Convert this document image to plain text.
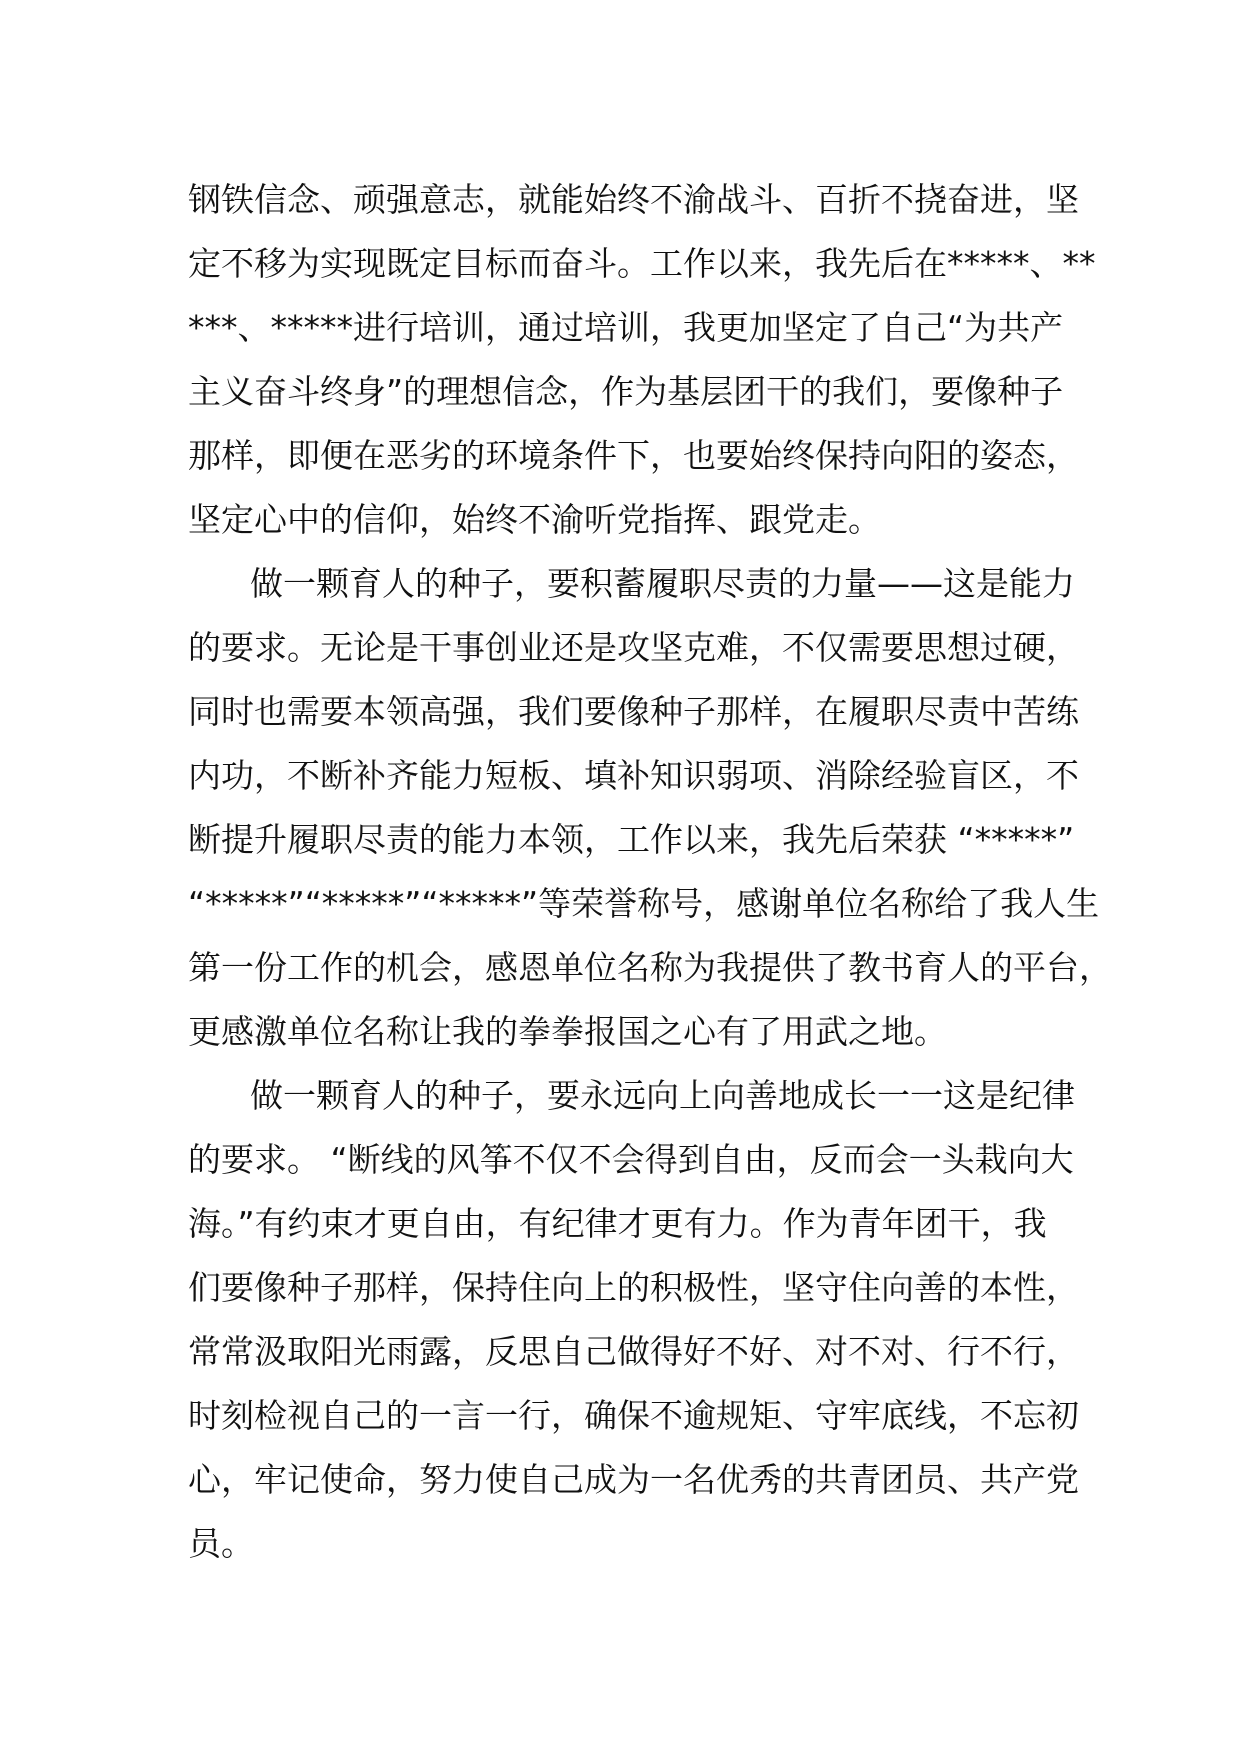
钢铁信念、顽强意志，就能始终不渝战斗、百折不挠奋进，坚
定不移为实现既定目标而奋斗。工作以来，我先后在*****、**
***、*****进行培训，通过培训，我更加坚定了自己“为共产
主义奋斗终身”的理想信念，作为基层团干的我们，要像种子
那样，即便在恶劣的环境条件下，也要始终保持向阳的姿态，
坚定心中的信仰，始终不渝听党指挥、跟党走。
做一颗育人的种子，要积蓄履职尽责的力量——这是能力
的要求。无论是干事创业还是攻坚克难，不仅需要思想过硬，
同时也需要本领高强，我们要像种子那样，在履职尽责中苦练
内功，不断补齐能力短板、填补知识弱项、消除经验盲区，不
断提升履职尽责的能力本领，工作以来，我先后荣获 “*****”
“*****”“*****”“*****”等荣誉称号，感谢单位名称给了我人生
第一份工作的机会，感恩单位名称为我提供了教书育人的平台，
更感激单位名称让我的拳拳报国之心有了用武之地。
做一颗育人的种子，要永远向上向善地成长一一这是纪律
的要求。 “断线的风筝不仅不会得到自由，反而会一头栽向大
海。”有约束才更自由，有纪律才更有力。作为青年团干，我
们要像种子那样，保持住向上的积极性，坚守住向善的本性，
常常汲取阳光雨露，反思自己做得好不好、对不对、行不行，
时刻检视自己的一言一行，确保不逾规矩、守牢底线，不忘初
心，牢记使命，努力使自己成为一名优秀的共青团员、共产党
员。
